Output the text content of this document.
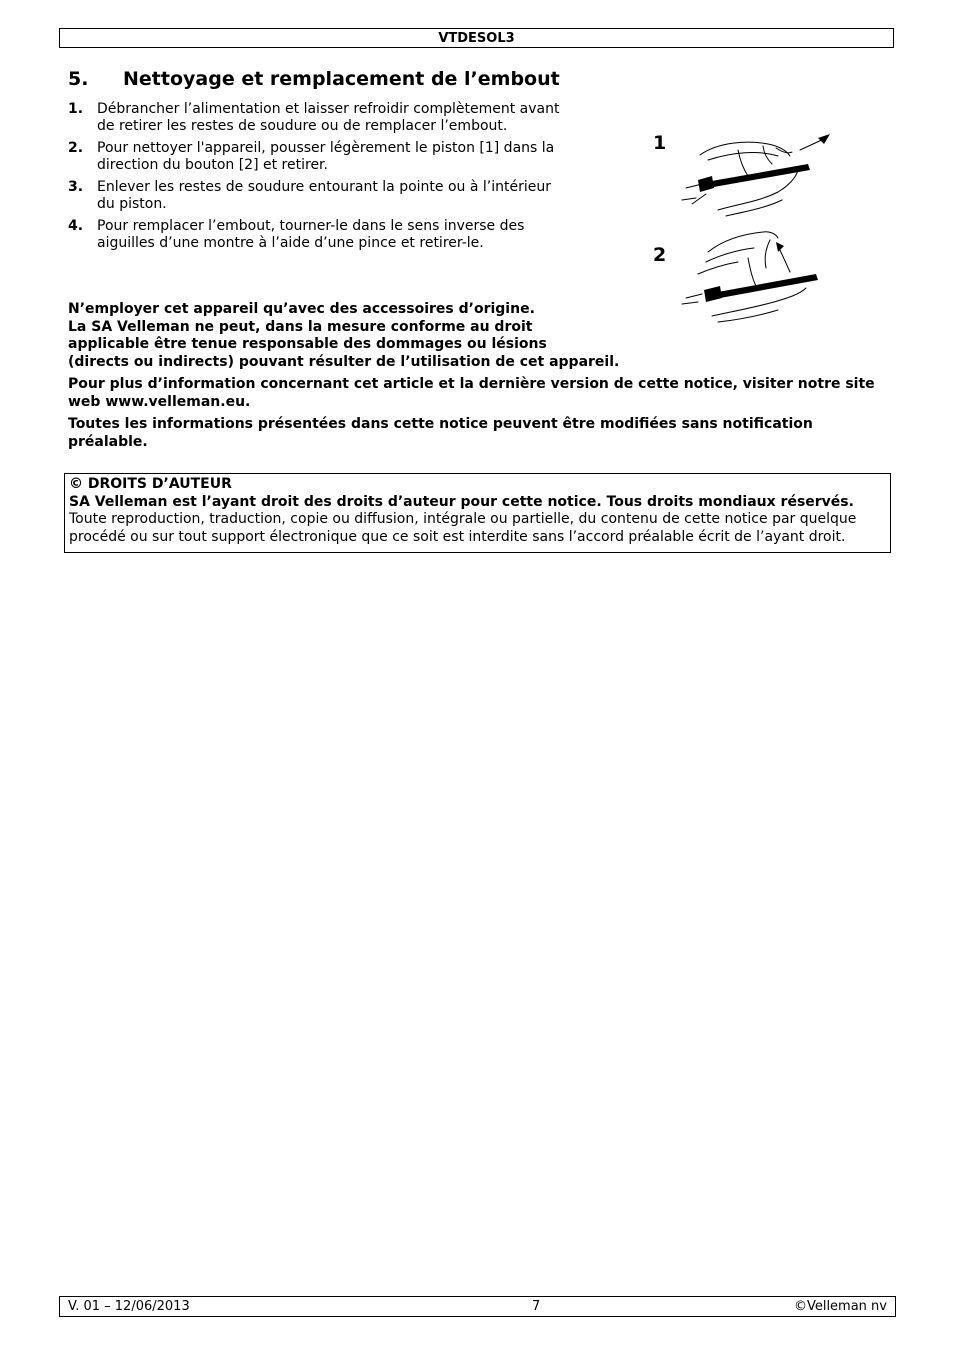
VTDESOL3
5. Nettoyage et remplacement de l’embout
1. Débrancher l’alimentation et laisser refroidir complètement avant de retirer les restes de soudure ou de remplacer l’embout.
2. Pour nettoyer l'appareil, pousser légèrement le piston [1] dans la direction du bouton [2] et retirer.
3. Enlever les restes de soudure entourant la pointe ou à l’intérieur du piston.
4. Pour remplacer l’embout, tourner-le dans le sens inverse des aiguilles d’une montre à l’aide d’une pince et retirer-le.
1
2
N’employer cet appareil qu’avec des accessoires d’origine.
La SA Velleman ne peut, dans la mesure conforme au droit
applicable être tenue responsable des dommages ou lésions
(directs ou indirects) pouvant résulter de l’utilisation de cet appareil.
Pour plus d’information concernant cet article et la dernière version de cette notice, visiter notre site web www.velleman.eu.
Toutes les informations présentées dans cette notice peuvent être modifiées sans notification préalable.
© DROITS D’AUTEUR
SA Velleman est l’ayant droit des droits d’auteur pour cette notice. Tous droits mondiaux réservés.
Toute reproduction, traduction, copie ou diffusion, intégrale ou partielle, du contenu de cette notice par quelque procédé ou sur tout support électronique que ce soit est interdite sans l’accord préalable écrit de l’ayant droit.
V. 01 – 12/06/2013	7	©Velleman nv
